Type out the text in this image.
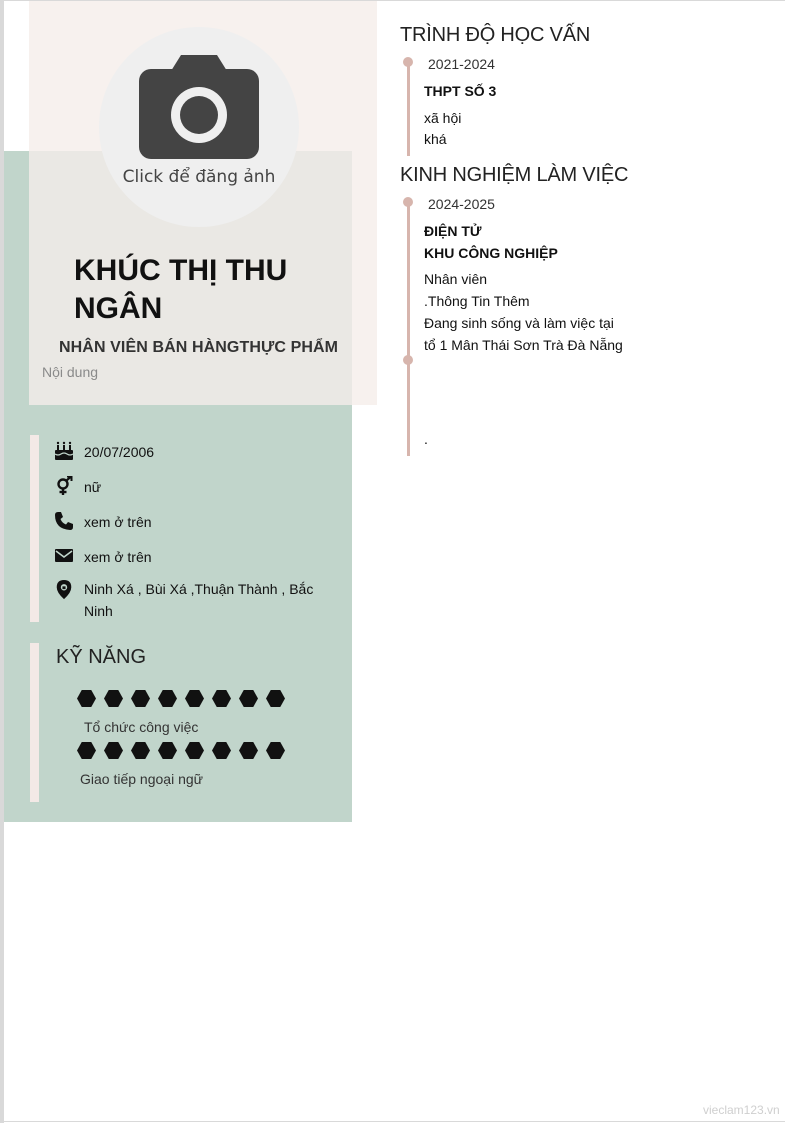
Click để đăng ảnh
KHÚC THỊ THU NGÂN
NHÂN VIÊN BÁN HÀNGTHỰC PHẨM
Nội dung
20/07/2006
nữ
xem ở trên
xem ở trên
Ninh Xá , Bùi Xá ,Thuận Thành , Bắc Ninh
KỸ NĂNG
Tổ chức công việc
Giao tiếp ngoại ngữ
TRÌNH ĐỘ HỌC VẤN
2021-2024
THPT SỐ 3
xã hội
khá
KINH NGHIỆM LÀM VIỆC
2024-2025
ĐIỆN TỬ
KHU CÔNG NGHIỆP
Nhân viên
.Thông Tin Thêm
Đang sinh sống và làm việc tại
tổ 1 Mân Thái Sơn Trà Đà Nẵng
.
vieclam123.vn
